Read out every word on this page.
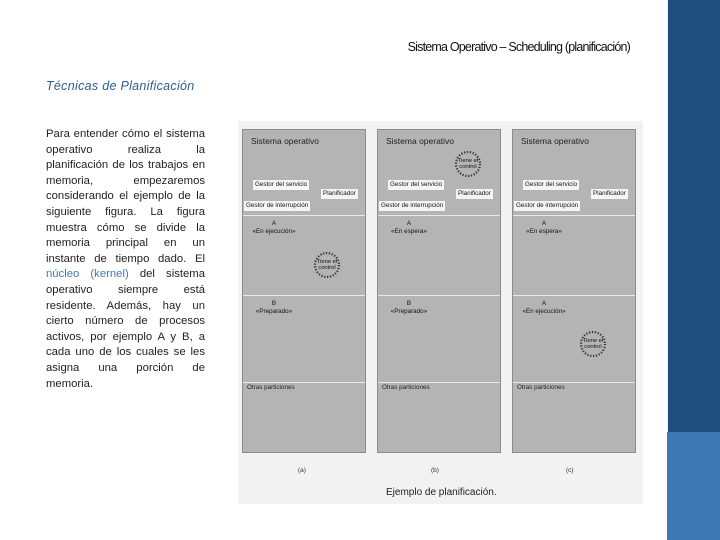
Sistema Operativo – Scheduling (planificación)
Técnicas de Planificación
Para entender cómo el sistema operativo realiza la planificación de los trabajos en memoria, empezaremos considerando el ejemplo de la siguiente figura. La figura muestra cómo se divide la memoria principal en un instante de tiempo dado. El núcleo (kernel) del sistema operativo siempre está residente. Además, hay un cierto número de procesos activos, por ejemplo A y B, a cada uno de los cuales se les asigna una porción de memoria.
Sistema operativo
Gestor del servicio
Planificador
Gestor de interrupción
A
«En ejecución»
B
«Preparado»
Tiene el control
Otras particiones
Sistema operativo
Gestor del servicio
Planificador
Gestor de interrupción
Tiene el control
A
«En espera»
B
«Preparado»
Otras particiones
Sistema operativo
Gestor del servicio
Planificador
Gestor de interrupción
A
«En espera»
A
«En ejecución»
Tiene el control
Otras particiones
(a)	(b)	(c)
Ejemplo de planificación.
